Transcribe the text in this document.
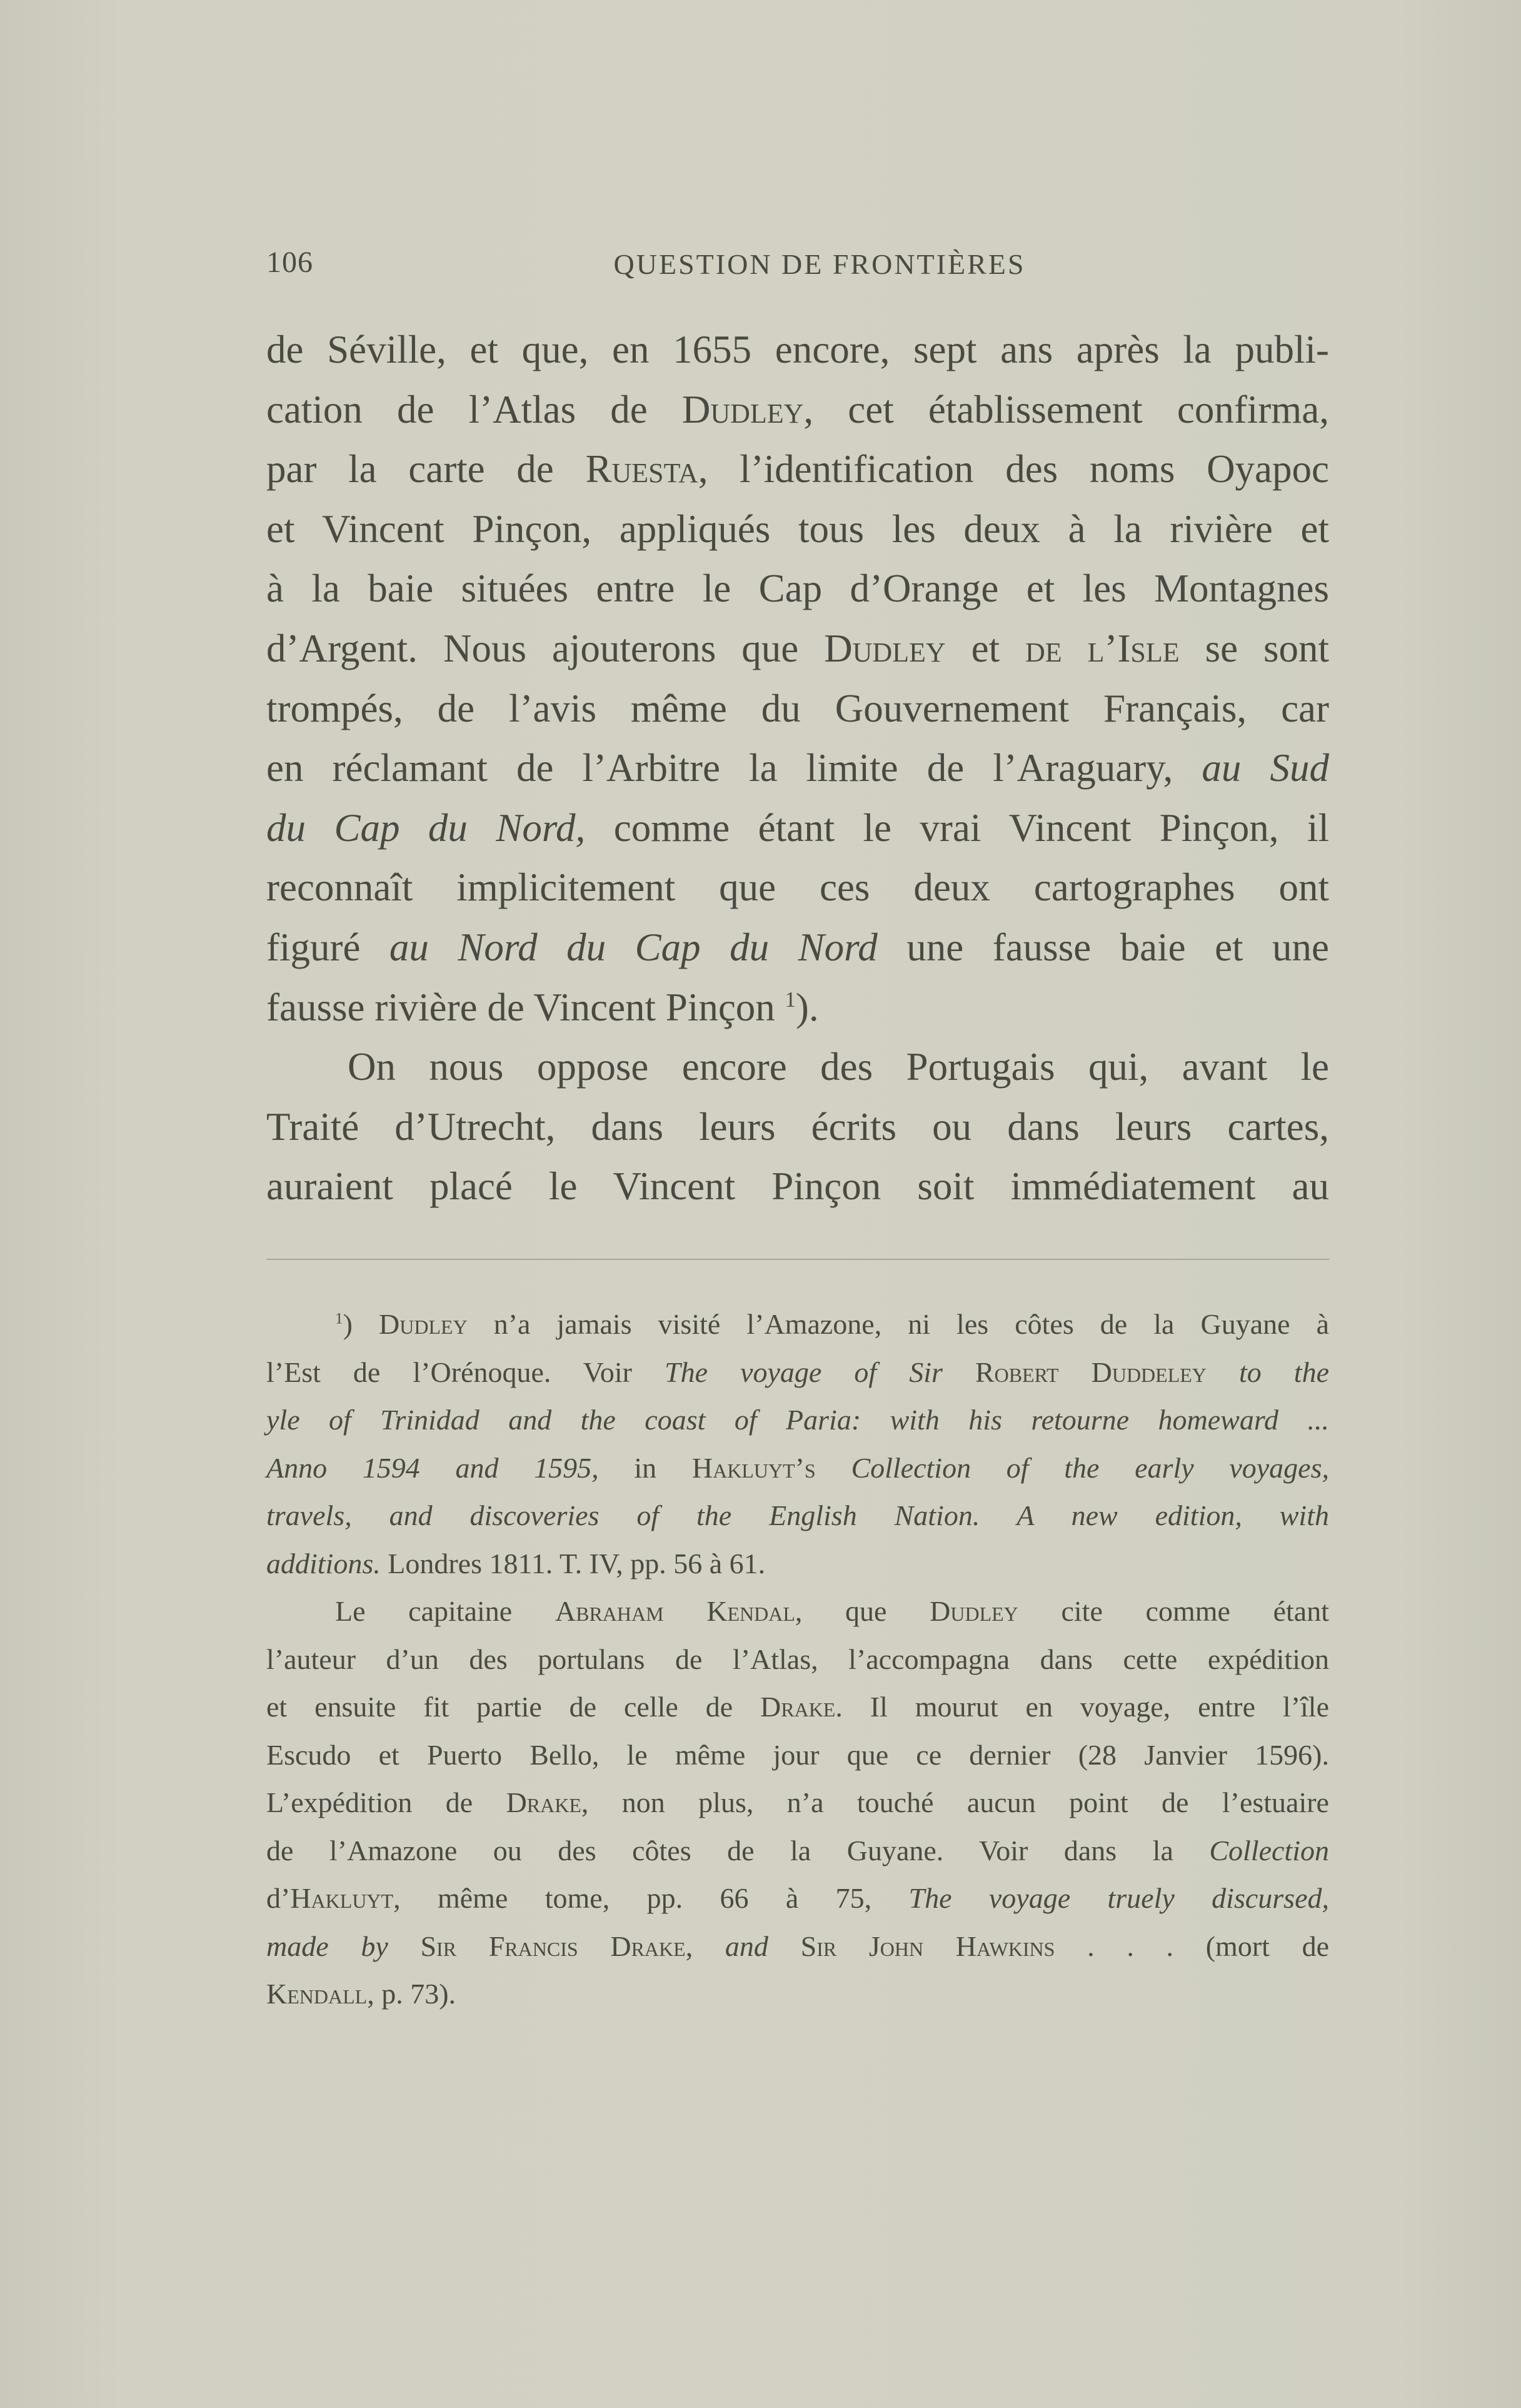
106	QUESTION DE FRONTIÈRES
de Séville, et que, en 1655 encore, sept ans après la publi-
cation de l’Atlas de Dudley, cet établissement confirma,
par la carte de Ruesta, l’identification des noms Oyapoc
et Vincent Pinçon, appliqués tous les deux à la rivière et
à la baie situées entre le Cap d’Orange et les Montagnes
d’Argent. Nous ajouterons que Dudley et de l’Isle se sont
trompés, de l’avis même du Gouvernement Français, car
en réclamant de l’Arbitre la limite de l’Araguary, au Sud
du Cap du Nord, comme étant le vrai Vincent Pinçon, il
reconnaît implicitement que ces deux cartographes ont
figuré au Nord du Cap du Nord une fausse baie et une
fausse rivière de Vincent Pinçon $^1$).
On nous oppose encore des Portugais qui, avant le
Traité d’Utrecht, dans leurs écrits ou dans leurs cartes,
auraient placé le Vincent Pinçon soit immédiatement au
$^1$) Dudley n’a jamais visité l’Amazone, ni les côtes de la Guyane à
l’Est de l’Orénoque. Voir The voyage of Sir Robert Duddeley to the
yle of Trinidad and the coast of Paria: with his retourne homeward ...
Anno 1594 and 1595, in Hakluyt’s Collection of the early voyages,
travels, and discoveries of the English Nation. A new edition, with
additions. Londres 1811. T. IV, pp. 56 à 61.
Le capitaine Abraham Kendal, que Dudley cite comme étant
l’auteur d’un des portulans de l’Atlas, l’accompagna dans cette expédition
et ensuite fit partie de celle de Drake. Il mourut en voyage, entre l’île
Escudo et Puerto Bello, le même jour que ce dernier (28 Janvier 1596).
L’expédition de Drake, non plus, n’a touché aucun point de l’estuaire
de l’Amazone ou des côtes de la Guyane. Voir dans la Collection
d’Hakluyt, même tome, pp. 66 à 75, The voyage truely discursed,
made by Sir Francis Drake, and Sir John Hawkins . . . (mort de
Kendall, p. 73).
